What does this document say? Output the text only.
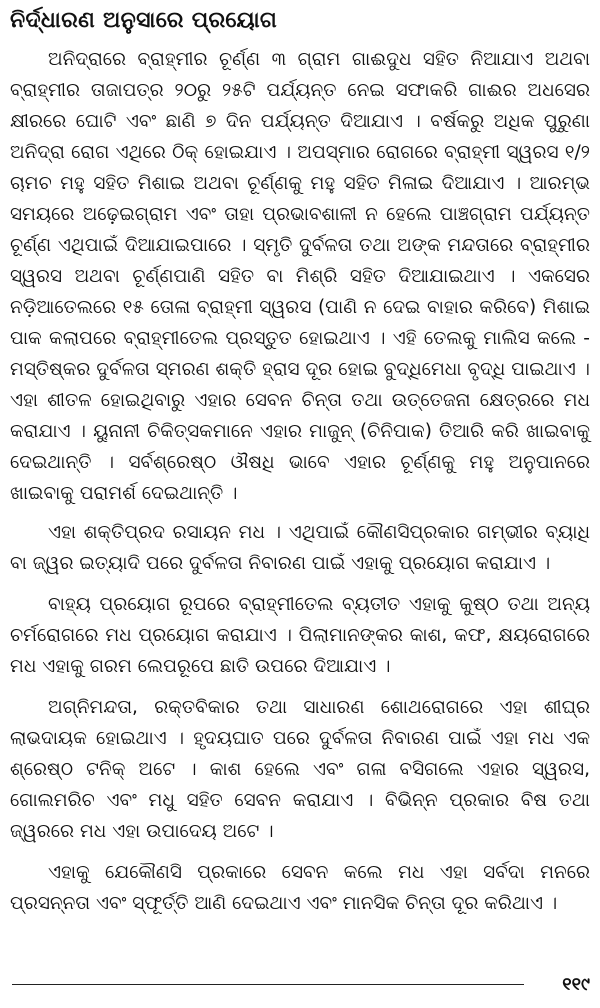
ନିର୍ଦ୍ଧାରଣ ଅନୁସାରେ ପ୍ରୟୋଗ

ଅନିଦ୍ରାରେ ବ୍ରାହ୍ମୀର ଚୂର୍ଣ୍ଣ ୩ ଗ୍ରାମ ଗାଈଦୁଧ ସହିତ ନିଆଯାଏ ଅଥବା ବ୍ରାହ୍ମୀର ତାଜାପତ୍ର ୨୦ରୁ ୨୫ଟି ପର୍ଯ୍ୟନ୍ତ ନେଇ ସଫାକରି ଗାଈର ଅଧସେର କ୍ଷୀରରେ ଘୋଟି ଏବଂ ଛାଣି ୭ ଦିନ ପର୍ଯ୍ୟନ୍ତ ଦିଆଯାଏ । ବର୍ଷକରୁ ଅଧିକ ପୁରୁଣା ଅନିଦ୍ରା ରୋଗ ଏଥିରେ ଠିକ୍ ହୋଇଯାଏ । ଅପସ୍ମାର ରୋଗରେ ବ୍ରାହ୍ମୀ ସ୍ୱରସ ୧/୨ ଚାମଚ ମହୁ ସହିତ ମିଶାଇ ଅଥବା ଚୂର୍ଣ୍ଣକୁ ମହୁ ସହିତ ମିଳାଇ ଦିଆଯାଏ । ଆରମ୍ଭ ସମୟରେ ଅଢ଼େଇଗ୍ରାମ ଏବଂ ତାହା ପ୍ରଭାବଶାଳୀ ନ ହେଲେ ପାଞ୍ଚଗ୍ରାମ ପର୍ଯ୍ୟନ୍ତ ଚୂର୍ଣ୍ଣ ଏଥିପାଇଁ ଦିଆଯାଇପାରେ । ସ୍ମୃତି ଦୁର୍ବଳତା ତଥା ଅଙ୍କ ମନ୍ଦତାରେ ବ୍ରାହ୍ମୀର ସ୍ୱରସ ଅଥବା ଚୂର୍ଣ୍ଣପାଣି ସହିତ ବା ମିଶ୍ରି ସହିତ ଦିଆଯାଇଥାଏ । ଏକସେର ନଡ଼ିଆତେଲରେ ୧୫ ତୋଳା ବ୍ରାହ୍ମୀ ସ୍ୱରସ (ପାଣି ନ ଦେଇ ବାହାର କରିବେ) ମିଶାଇ ପାକ କଲାପରେ ବ୍ରାହ୍ମୀତେଲ ପ୍ରସ୍ତୁତ ହୋଇଥାଏ । ଏହି ତେଲକୁ ମାଲିସ କଲେ - ମସ୍ତିଷ୍କର ଦୁର୍ବଳତା ସ୍ମରଣ ଶକ୍ତି ହ୍ରାସ ଦୂର ହୋଇ ବୁଦ୍ଧିମେଧା ବୃଦ୍ଧି ପାଇଥାଏ । ଏହା ଶୀତଳ ହୋଇଥିବାରୁ ଏହାର ସେବନ ଚିନ୍ତା ତଥା ଉତ୍ତେଜନା କ୍ଷେତ୍ରରେ ମଧ କରାଯାଏ । ୟୁନାନୀ ଚିକିତ୍ସକମାନେ ଏହାର ମାଜୁନ୍ (ଚିନିପାକ) ତିଆରି କରି ଖାଇବାକୁ ଦେଇଥାନ୍ତି । ସର୍ବଶ୍ରେଷ୍ଠ ଔଷଧି ଭାବେ ଏହାର ଚୂର୍ଣ୍ଣକୁ ମହୁ ଅନୁପାନରେ ଖାଇବାକୁ ପରାମର୍ଶ ଦେଇଥାନ୍ତି ।

ଏହା ଶକ୍ତିପ୍ରଦ ରସାୟନ ମଧ । ଏଥିପାଇଁ କୌଣସିପ୍ରକାର ଗମ୍ଭୀର ବ୍ୟାଧି ବା ଜ୍ୱର ଇତ୍ୟାଦି ପରେ ଦୁର୍ବଳତା ନିବାରଣ ପାଇଁ ଏହାକୁ ପ୍ରୟୋଗ କରାଯାଏ ।

ବାହ୍ୟ ପ୍ରୟୋଗ ରୂପରେ ବ୍ରାହ୍ମୀତେଲ ବ୍ୟତୀତ ଏହାକୁ କୁଷ୍ଠ ତଥା ଅନ୍ୟ ଚର୍ମରୋଗରେ ମଧ ପ୍ରୟୋଗ କରାଯାଏ । ପିଲାମାନଙ୍କର କାଶ, କଫ, କ୍ଷୟରୋଗରେ ମଧ ଏହାକୁ ଗରମ ଲେପରୂପେ ଛାତି ଉପରେ ଦିଆଯାଏ ।

ଅଗ୍ନିମନ୍ଦତା, ରକ୍ତବିକାର ତଥା ସାଧାରଣ ଶୋଥରୋଗରେ ଏହା ଶୀଘ୍ର ଲାଭଦାୟକ ହୋଇଥାଏ । ହୃଦୟଘାତ ପରେ ଦୁର୍ବଳତା ନିବାରଣ ପାଇଁ ଏହା ମଧ ଏକ ଶ୍ରେଷ୍ଠ ଟନିକ୍ ଅଟେ । କାଶ ହେଲେ ଏବଂ ଗଳା ବସିଗଲେ ଏହାର ସ୍ୱରସ, ଗୋଲମରିଚ ଏବଂ ମଧୁ ସହିତ ସେବନ କରାଯାଏ । ବିଭିନ୍ନ ପ୍ରକାର ବିଷ ତଥା ଜ୍ୱରରେ ମଧ ଏହା ଉପାଦେୟ ଅଟେ ।

ଏହାକୁ ଯେକୌଣସି ପ୍ରକାରେ ସେବନ କଲେ ମଧ ଏହା ସର୍ବଦା ମନରେ ପ୍ରସନ୍ନତା ଏବଂ ସ୍ଫୂର୍ତ୍ତି ଆଣି ଦେଇଥାଏ ଏବଂ ମାନସିକ ଚିନ୍ତା ଦୂର କରିଥାଏ ।

୧୧୯
